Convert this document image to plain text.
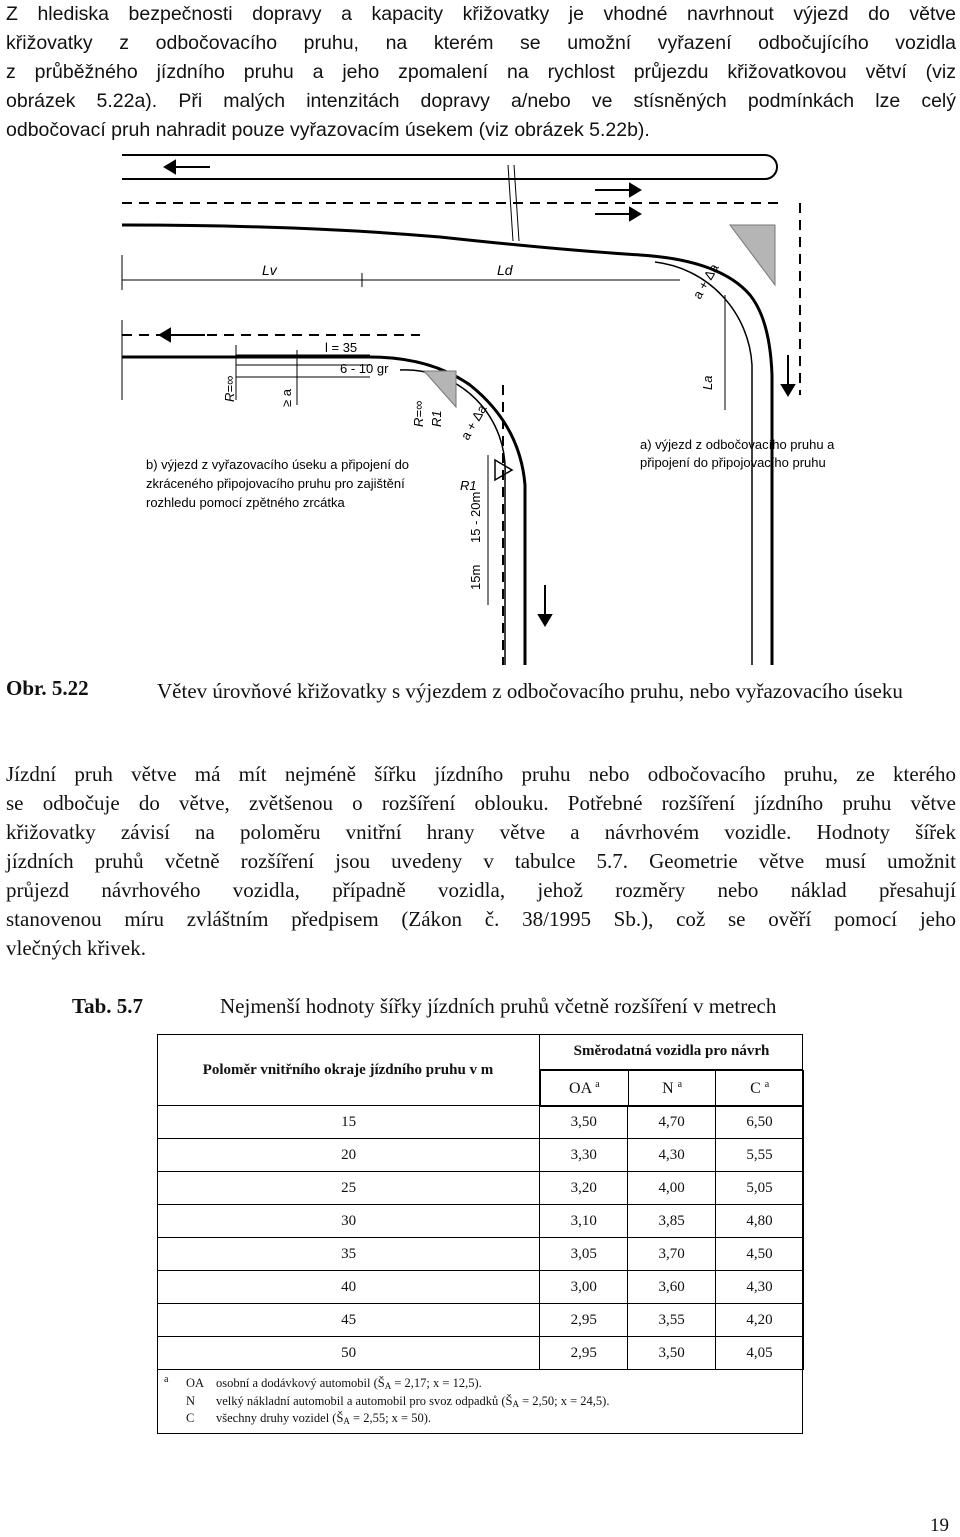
Z hlediska bezpečnosti dopravy a kapacity křižovatky je vhodné navrhnout výjezd do větve
křižovatky z odbočovacího pruhu, na kterém se umožní vyřazení odbočujícího vozidla
z průběžného jízdního pruhu a jeho zpomalení na rychlost průjezdu křižovatkovou větví (viz
obrázek 5.22a). Při malých intenzitách dopravy a/nebo ve stísněných podmínkách lze celý
odbočovací pruh nahradit pouze vyřazovacím úsekem (viz obrázek 5.22b).
Lv	Ld
l = 35
6 - 10 gr
La
a + Δa
a + Δa
R=∞	≥ a
R=∞ R1
R1
15 - 20m
15m
a) výjezd z odbočovacího pruhu a
připojení do připojovacího pruhu
b) výjezd z vyřazovacího úseku a připojení do
zkráceného připojovacího pruhu pro zajištění
rozhledu pomocí zpětného zrcátka
Obr. 5.22	Větev úrovňové křižovatky s výjezdem z odbočovacího pruhu, nebo vyřazovacího úseku
Jízdní pruh větve má mít nejméně šířku jízdního pruhu nebo odbočovacího pruhu, ze kterého
se odbočuje do větve, zvětšenou o rozšíření oblouku. Potřebné rozšíření jízdního pruhu větve
křižovatky závisí na poloměru vnitřní hrany větve a návrhovém vozidle. Hodnoty šířek
jízdních pruhů včetně rozšíření jsou uvedeny v tabulce 5.7. Geometrie větve musí umožnit
průjezd návrhového vozidla, případně vozidla, jehož rozměry nebo náklad přesahují
stanovenou míru zvláštním předpisem (Zákon č. 38/1995 Sb.), což se ověří pomocí jeho
vlečných křivek.
Tab. 5.7	Nejmenší hodnoty šířky jízdních pruhů včetně rozšíření v metrech
Poloměr vnitřního okraje jízdního pruhu v m
Směrodatná vozidla pro návrh
OA $^a$	N $^a$	C $^a$
15	3,50	4,70	6,50
20	3,30	4,30	5,55
25	3,20	4,00	5,05
30	3,10	3,85	4,80
35	3,05	3,70	4,50
40	3,00	3,60	4,30
45	2,95	3,55	4,20
50	2,95	3,50	4,05
a OA osobní a dodávkový automobil ($Š_A = 2,17$; x = 12,5).
N velký nákladní automobil a automobil pro svoz odpadků ($Š_A = 2,50$; x = 24,5).
C všechny druhy vozidel ($Š_A = 2,55$; x = 50).
19
